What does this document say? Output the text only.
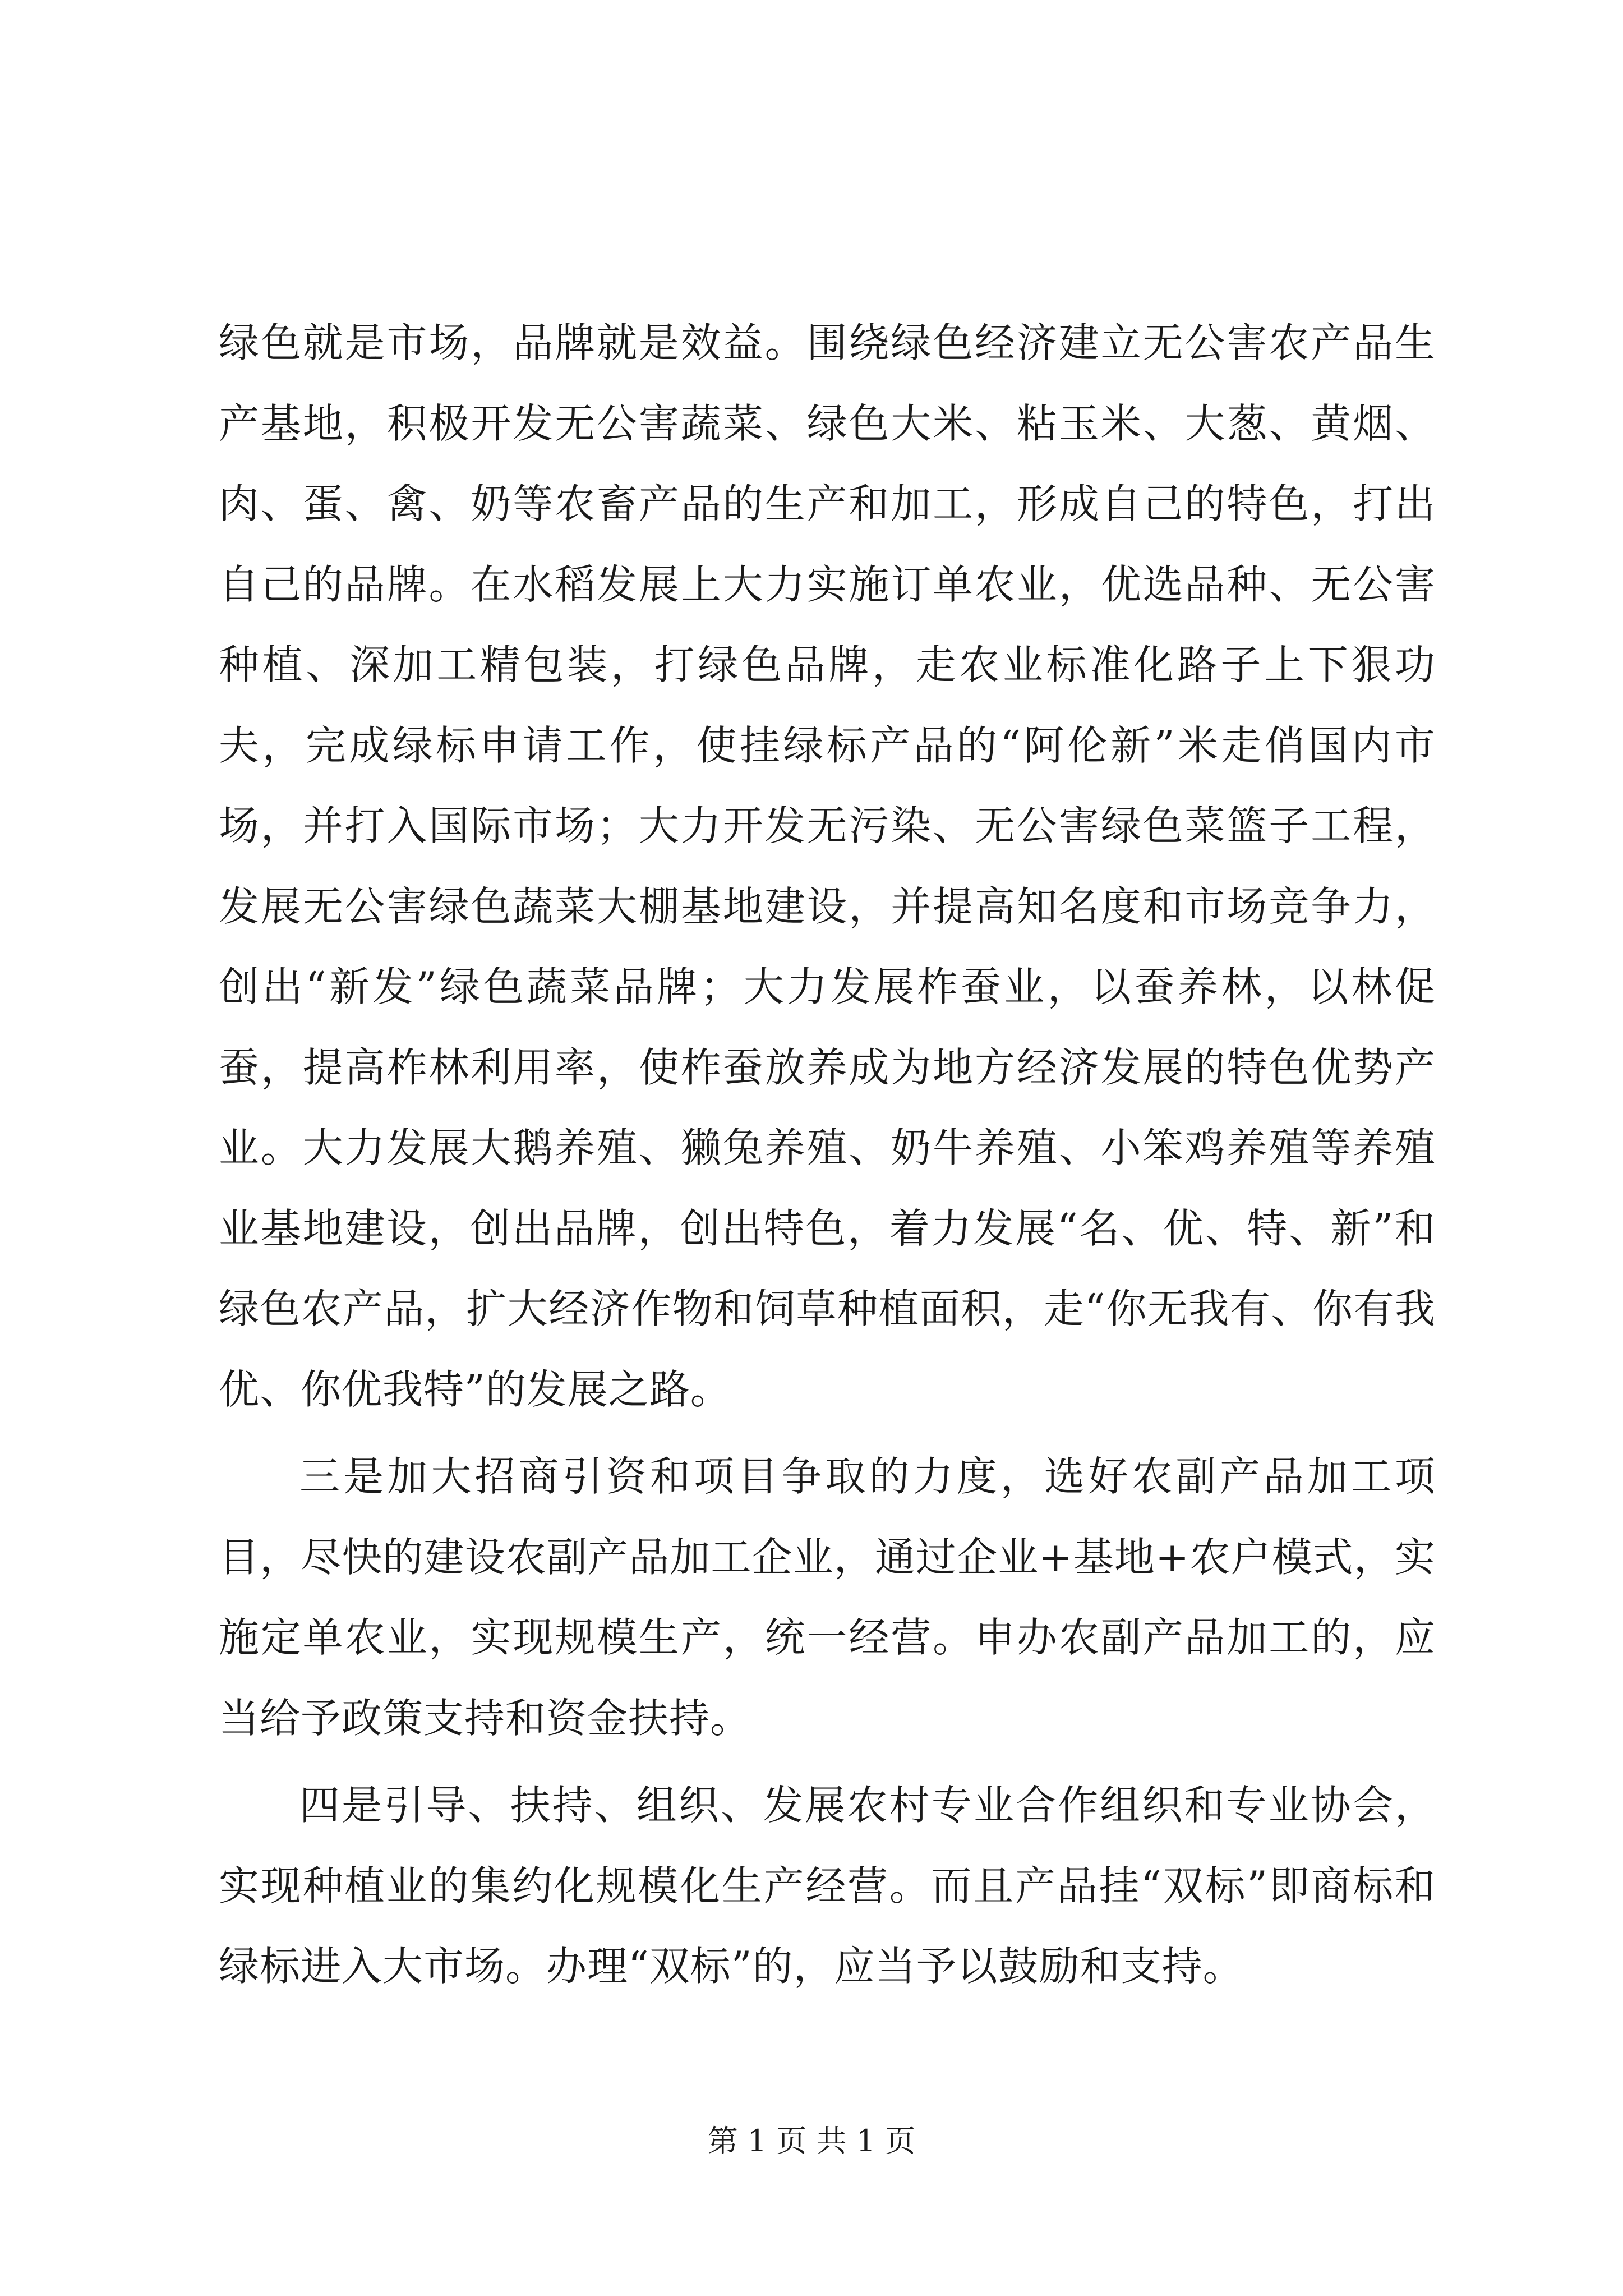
绿色就是市场，品牌就是效益。围绕绿色经济建立无公害农产品生产基地，积极开发无公害蔬菜、绿色大米、粘玉米、大葱、黄烟、肉、蛋、禽、奶等农畜产品的生产和加工，形成自己的特色，打出自己的品牌。在水稻发展上大力实施订单农业，优选品种、无公害种植、深加工精包装，打绿色品牌，走农业标准化路子上下狠功夫，完成绿标申请工作，使挂绿标产品的“阿伦新”米走俏国内市场，并打入国际市场；大力开发无污染、无公害绿色菜篮子工程，发展无公害绿色蔬菜大棚基地建设，并提高知名度和市场竞争力，创出“新发”绿色蔬菜品牌；大力发展柞蚕业，以蚕养林，以林促蚕，提高柞林利用率，使柞蚕放养成为地方经济发展的特色优势产业。大力发展大鹅养殖、獭兔养殖、奶牛养殖、小笨鸡养殖等养殖业基地建设，创出品牌，创出特色，着力发展“名、优、特、新”和绿色农产品，扩大经济作物和饲草种植面积，走“你无我有、你有我优、你优我特”的发展之路。

三是加大招商引资和项目争取的力度，选好农副产品加工项目，尽快的建设农副产品加工企业，通过企业+基地+农户模式，实施定单农业，实现规模生产，统一经营。申办农副产品加工的，应当给予政策支持和资金扶持。

四是引导、扶持、组织、发展农村专业合作组织和专业协会，实现种植业的集约化规模化生产经营。而且产品挂“双标”即商标和绿标进入大市场。办理“双标”的，应当予以鼓励和支持。

第 1 页 共 1 页
